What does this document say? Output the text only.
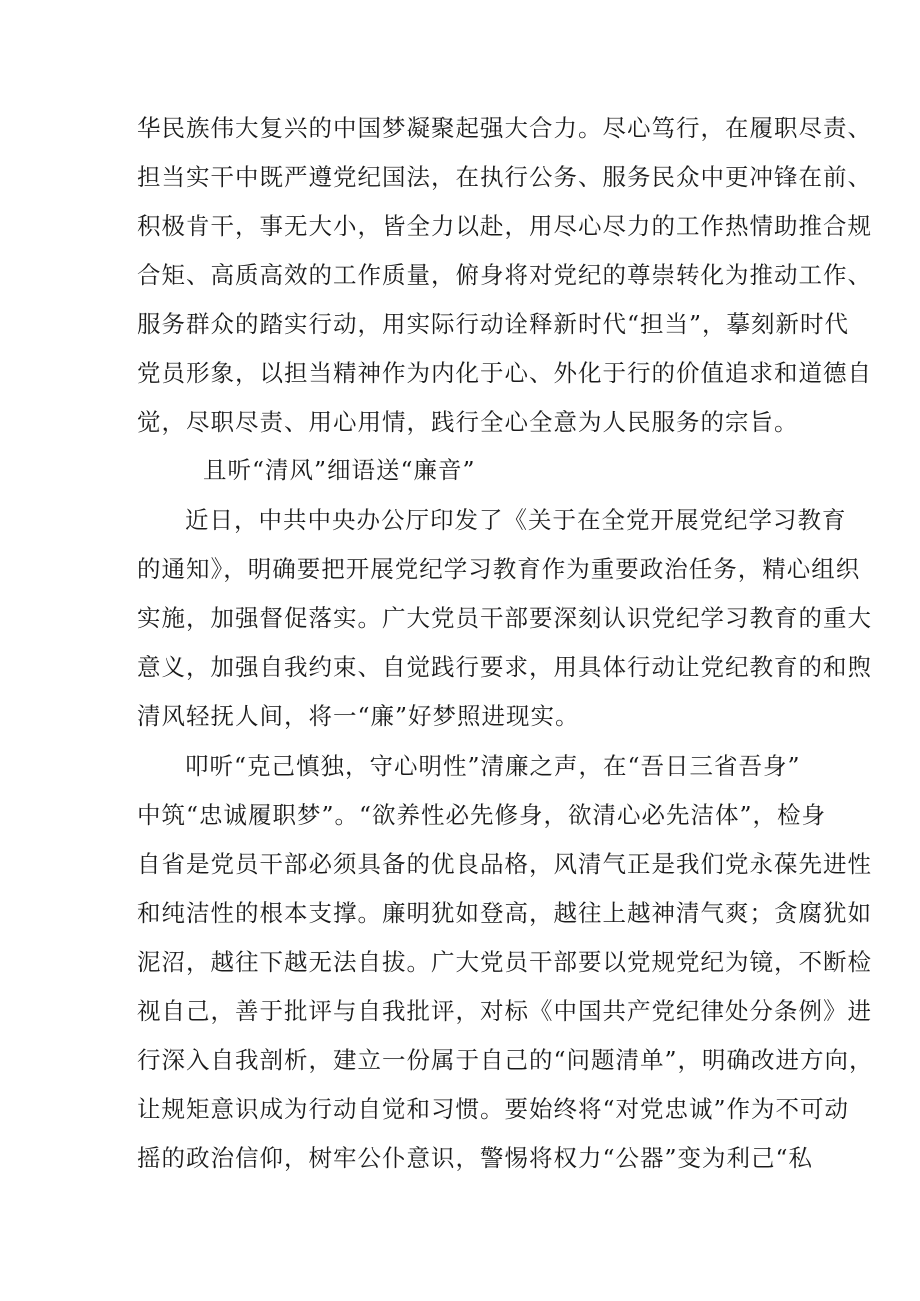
华民族伟大复兴的中国梦凝聚起强大合力。尽心笃行，在履职尽责、
担当实干中既严遵党纪国法，在执行公务、服务民众中更冲锋在前、
积极肯干，事无大小，皆全力以赴，用尽心尽力的工作热情助推合规
合矩、高质高效的工作质量，俯身将对党纪的尊崇转化为推动工作、
服务群众的踏实行动，用实际行动诠释新时代“担当”，摹刻新时代
党员形象，以担当精神作为内化于心、外化于行的价值追求和道德自
觉，尽职尽责、用心用情，践行全心全意为人民服务的宗旨。
且听“清风”细语送“廉音”
近日，中共中央办公厅印发了《关于在全党开展党纪学习教育
的通知》，明确要把开展党纪学习教育作为重要政治任务，精心组织
实施，加强督促落实。广大党员干部要深刻认识党纪学习教育的重大
意义，加强自我约束、自觉践行要求，用具体行动让党纪教育的和煦
清风轻抚人间，将一“廉”好梦照进现实。
叩听“克己慎独，守心明性”清廉之声，在“吾日三省吾身”
中筑“忠诚履职梦”。“欲养性必先修身，欲清心必先洁体”，检身
自省是党员干部必须具备的优良品格，风清气正是我们党永葆先进性
和纯洁性的根本支撑。廉明犹如登高，越往上越神清气爽；贪腐犹如
泥沼，越往下越无法自拔。广大党员干部要以党规党纪为镜，不断检
视自己，善于批评与自我批评，对标《中国共产党纪律处分条例》进
行深入自我剖析，建立一份属于自己的“问题清单”，明确改进方向，
让规矩意识成为行动自觉和习惯。要始终将“对党忠诚”作为不可动
摇的政治信仰，树牢公仆意识，警惕将权力“公器”变为利己“私
